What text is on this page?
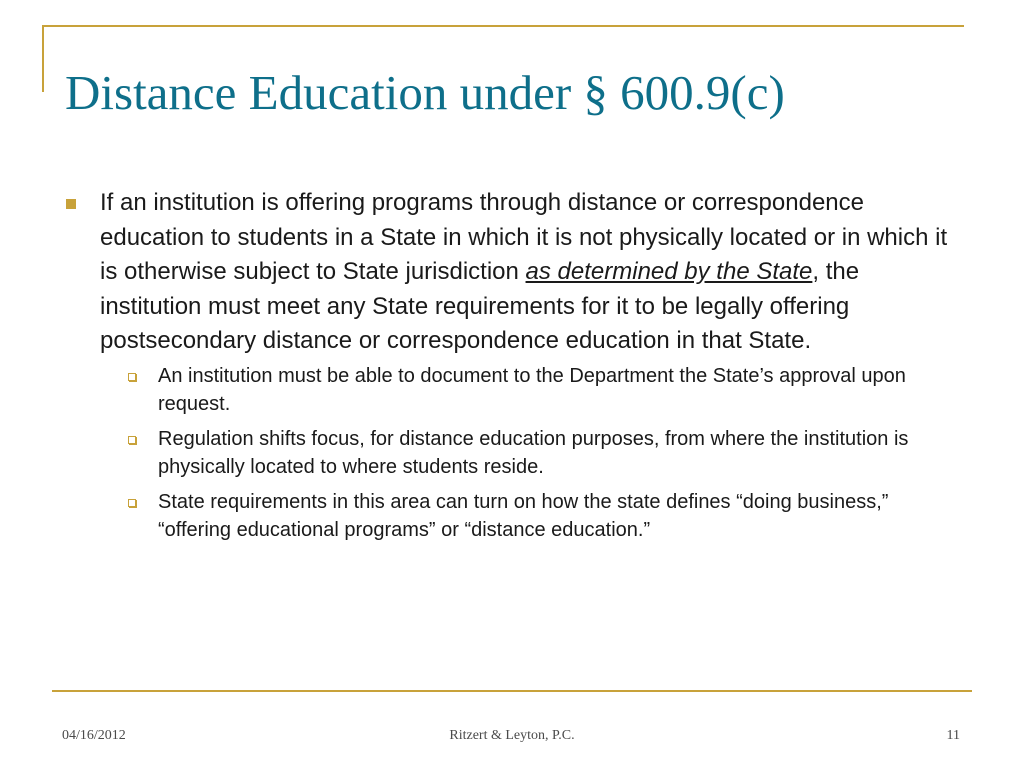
Distance Education under § 600.9(c)

If an institution is offering programs through distance or correspondence education to students in a State in which it is not physically located or in which it is otherwise subject to State jurisdiction as determined by the State, the institution must meet any State requirements for it to be legally offering postsecondary distance or correspondence education in that State.

An institution must be able to document to the Department the State’s approval upon request.

Regulation shifts focus, for distance education purposes, from where the institution is physically located to where students reside.

State requirements in this area can turn on how the state defines “doing business,” “offering educational programs” or “distance education.”

04/16/2012	Ritzert & Leyton, P.C.	11
